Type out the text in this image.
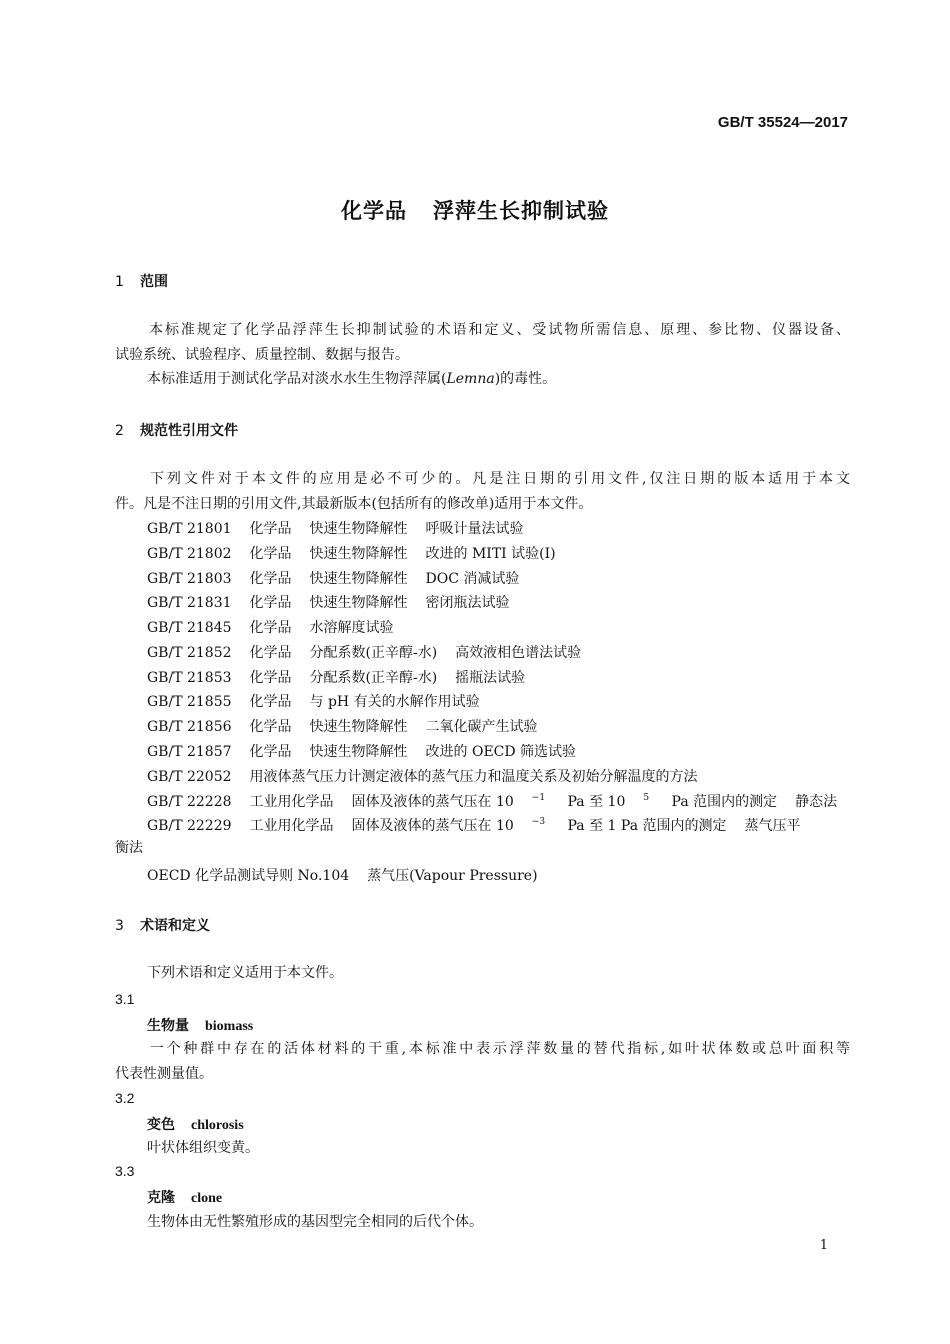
GB/T 35524—2017
化学品 浮萍生长抑制试验
1 范围
本标准规定了化学品浮萍生长抑制试验的术语和定义、受试物所需信息、原理、参比物、仪器设备、
试验系统、试验程序、质量控制、数据与报告。
本标准适用于测试化学品对淡水水生生物浮萍属(Lemna)的毒性。
2 规范性引用文件
下列文件对于本文件的应用是必不可少的。凡是注日期的引用文件,仅注日期的版本适用于本文
件。凡是不注日期的引用文件,其最新版本(包括所有的修改单)适用于本文件。
GB/T 21801 化学品 快速生物降解性 呼吸计量法试验
GB/T 21802 化学品 快速生物降解性 改进的 MITI 试验(Ⅰ)
GB/T 21803 化学品 快速生物降解性 DOC 消减试验
GB/T 21831 化学品 快速生物降解性 密闭瓶法试验
GB/T 21845 化学品 水溶解度试验
GB/T 21852 化学品 分配系数(正辛醇-水) 高效液相色谱法试验
GB/T 21853 化学品 分配系数(正辛醇-水) 摇瓶法试验
GB/T 21855 化学品 与 pH 有关的水解作用试验
GB/T 21856 化学品 快速生物降解性 二氧化碳产生试验
GB/T 21857 化学品 快速生物降解性 改进的 OECD 筛选试验
GB/T 22052 用液体蒸气压力计测定液体的蒸气压力和温度关系及初始分解温度的方法
GB/T 22228 工业用化学品 固体及液体的蒸气压在 10 $^{-1}$ Pa 至 10 $^5$ Pa 范围内的测定 静态法
GB/T 22229 工业用化学品 固体及液体的蒸气压在 10 $^{-3}$ Pa 至 1 Pa 范围内的测定 蒸气压平
衡法
OECD 化学品测试导则 No.104 蒸气压(Vapour Pressure)
3 术语和定义
下列术语和定义适用于本文件。
3.1
生物量 biomass
一个种群中存在的活体材料的干重,本标准中表示浮萍数量的替代指标,如叶状体数或总叶面积等
代表性测量值。
3.2
变色 chlorosis
叶状体组织变黄。
3.3
克隆 clone
生物体由无性繁殖形成的基因型完全相同的后代个体。
1
